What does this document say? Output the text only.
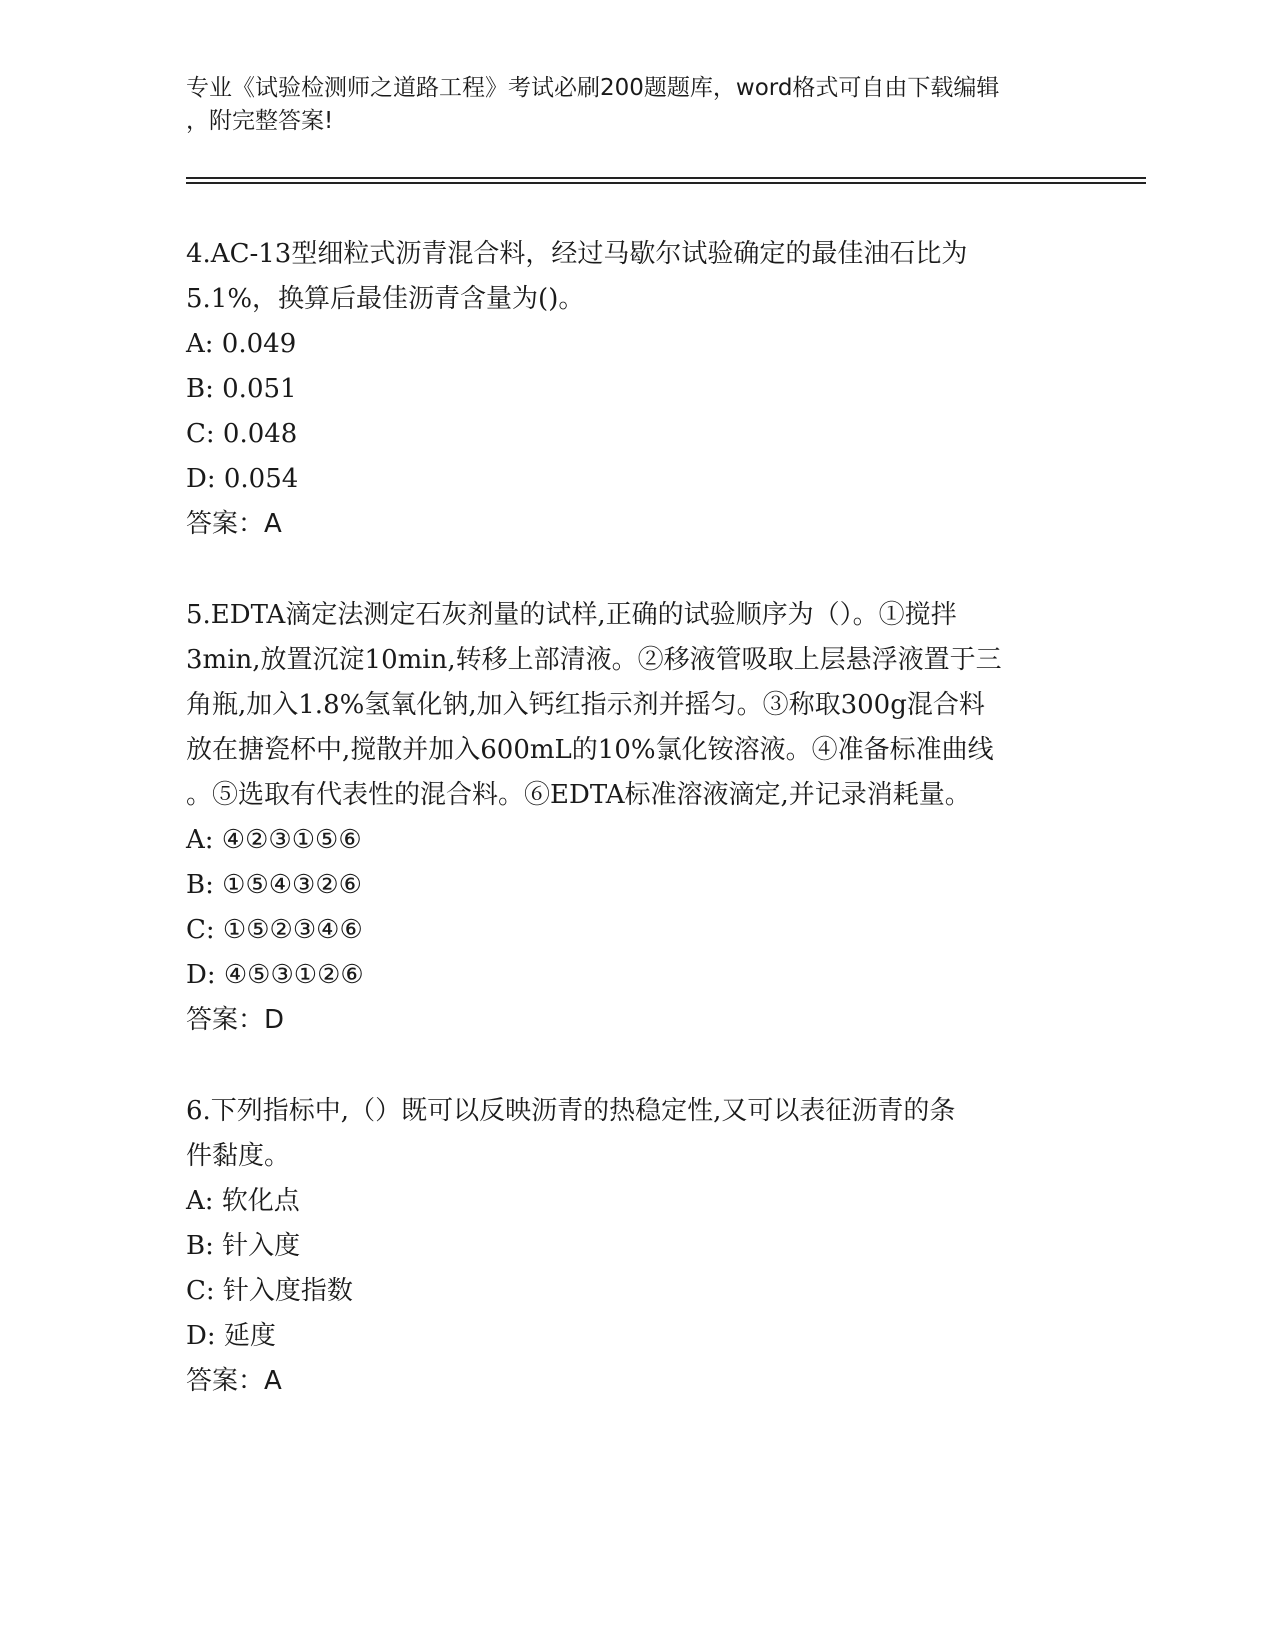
专业《试验检测师之道路工程》考试必刷200题题库，word格式可自由下载编辑
，附完整答案!
4.AC-13型细粒式沥青混合料，经过马歇尔试验确定的最佳油石比为
5.1%，换算后最佳沥青含量为()。
A: 0.049
B: 0.051
C: 0.048
D: 0.054
答案：A
5.EDTA滴定法测定石灰剂量的试样,正确的试验顺序为（）。①搅拌
3min,放置沉淀10min,转移上部清液。②移液管吸取上层悬浮液置于三
角瓶,加入1.8%氢氧化钠,加入钙红指示剂并摇匀。③称取300g混合料
放在搪瓷杯中,搅散并加入600mL的10%氯化铵溶液。④准备标准曲线
。⑤选取有代表性的混合料。⑥EDTA标准溶液滴定,并记录消耗量。
A: ④②③①⑤⑥
B: ①⑤④③②⑥
C: ①⑤②③④⑥
D: ④⑤③①②⑥
答案：D
6.下列指标中,（）既可以反映沥青的热稳定性,又可以表征沥青的条
件黏度。
A: 软化点
B: 针入度
C: 针入度指数
D: 延度
答案：A
